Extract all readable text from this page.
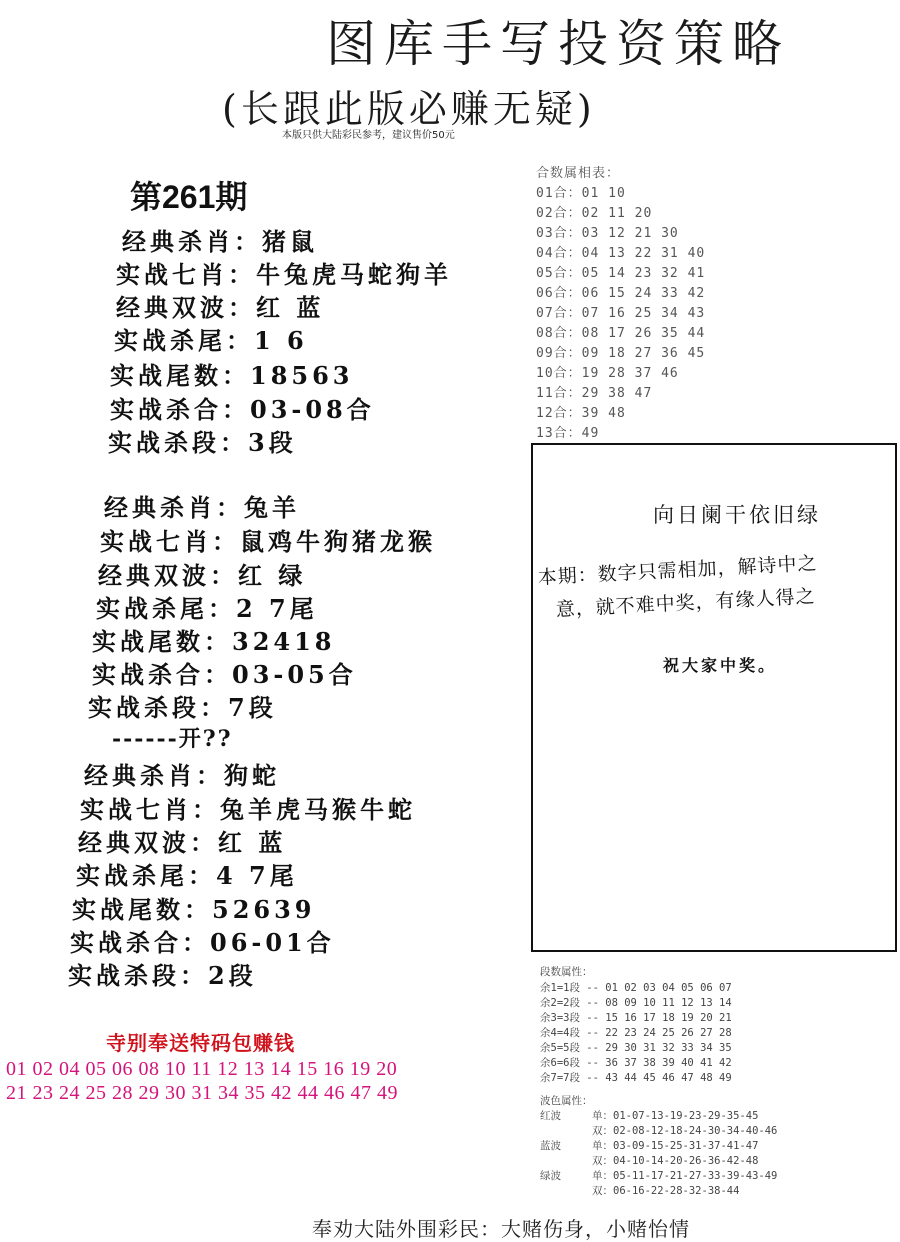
图库手写投资策略
(长跟此版必赚无疑)
本版只供大陆彩民参考，建议售价50元
第261期
经典杀肖：猪鼠
实战七肖：牛兔虎马蛇狗羊
经典双波：红 蓝
实战杀尾：1 6
实战尾数：18563
实战杀合：03-08合
实战杀段：3段
经典杀肖：兔羊
实战七肖：鼠鸡牛狗猪龙猴
经典双波：红 绿
实战杀尾：2 7尾
实战尾数：32418
实战杀合：03-05合
实战杀段：7段
------开??
经典杀肖：狗蛇
实战七肖：兔羊虎马猴牛蛇
经典双波：红 蓝
实战杀尾：4 7尾
实战尾数：52639
实战杀合：06-01合
实战杀段：2段
合数属相表：
01合：01 10
02合：02 11 20
03合：03 12 21 30
04合：04 13 22 31 40
05合：05 14 23 32 41
06合：06 15 24 33 42
07合：07 16 25 34 43
08合：08 17 26 35 44
09合：09 18 27 36 45
10合：19 28 37 46
11合：29 38 47
12合：39 48
13合：49
向日阑干依旧绿
本期：数字只需相加，解诗中之
意，就不难中奖，有缘人得之
祝大家中奖。
寺别奉送特码包赚钱
01 02 04 05 06 08 10 11 12 13 14 15 16 19 20
21 23 24 25 28 29 30 31 34 35 42 44 46 47 49
段数属性：
余1=1段 -- 01 02 03 04 05 06 07
余2=2段 -- 08 09 10 11 12 13 14
余3=3段 -- 15 16 17 18 19 20 21
余4=4段 -- 22 23 24 25 26 27 28
余5=5段 -- 29 30 31 32 33 34 35
余6=6段 -- 36 37 38 39 40 41 42
余7=7段 -- 43 44 45 46 47 48 49
波色属性：
红波	单：01-07-13-19-23-29-35-45
双：02-08-12-18-24-30-34-40-46
蓝波	单：03-09-15-25-31-37-41-47
双：04-10-14-20-26-36-42-48
绿波	单：05-11-17-21-27-33-39-43-49
双：06-16-22-28-32-38-44
奉劝大陆外围彩民：大赌伤身，小赌怡情
